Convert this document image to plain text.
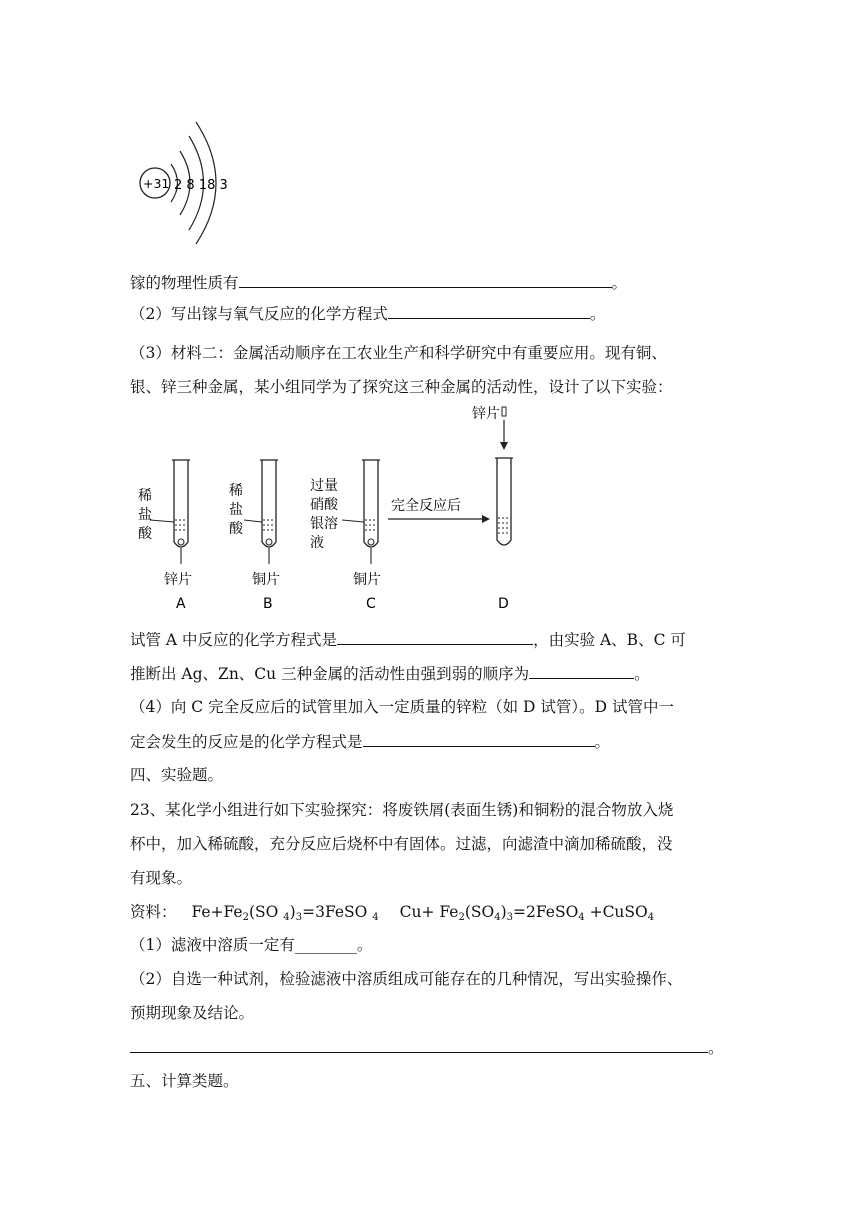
+31 2 8 18 3
镓的物理性质有	。
（2）写出镓与氧气反应的化学方程式	。
（3）材料二：金属活动顺序在工农业生产和科学研究中有重要应用。现有铜、
银、锌三种金属，某小组同学为了探究这三种金属的活动性，设计了以下实验：
稀
盐
酸
锌片
A
稀
盐
酸
铜片
B
过量
硝酸
银溶
液
铜片
C
完全反应后
锌片
D
试管 A 中反应的化学方程式是	，由实验 A、B、C 可
推断出 Ag、Zn、Cu 三种金属的活动性由强到弱的顺序为	。
（4）向 C 完全反应后的试管里加入一定质量的锌粒（如 D 试管）。D 试管中一
定会发生的反应是的化学方程式是	。
四、实验题。
23、某化学小组进行如下实验探究：将废铁屑(表面生锈)和铜粉的混合物放入烧
杯中，加入稀硫酸，充分反应后烧杯中有固体。过滤，向滤渣中滴加稀硫酸，没
有现象。
资料： $Fe+Fe_2(SO$ $_4)_3=3FeSO$ $_4$ $Cu+ Fe_2(SO_4)_3=2FeSO_4$ +CuSO$_4$
（1）滤液中溶质一定有________。
（2）自选一种试剂，检验滤液中溶质组成可能存在的几种情况，写出实验操作、
预期现象及结论。
。
五、计算类题。
